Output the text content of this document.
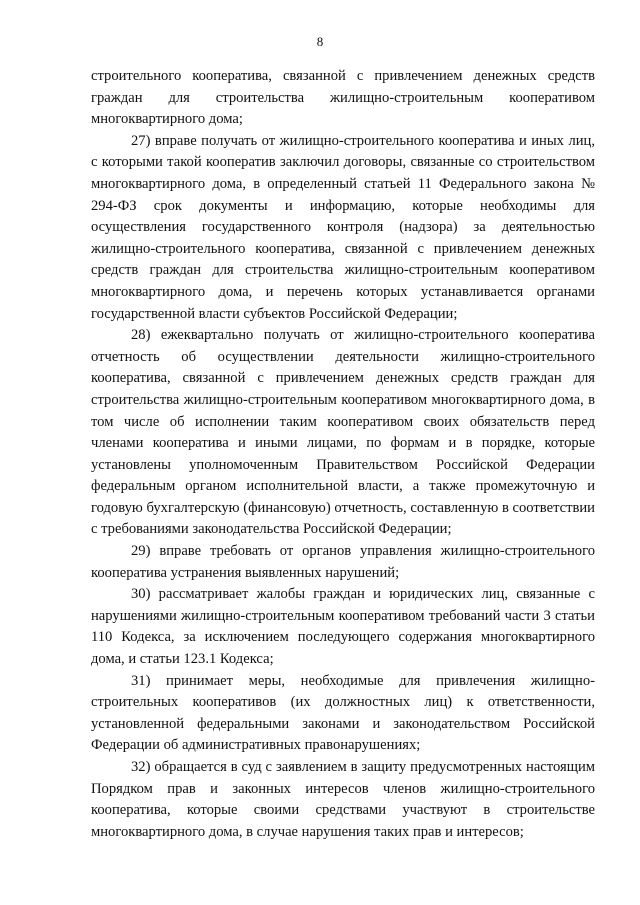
8

строительного кооператива, связанной с привлечением денежных средств граждан для строительства жилищно-строительным кооперативом многоквартирного дома;

27) вправе получать от жилищно-строительного кооператива и иных лиц, с которыми такой кооператив заключил договоры, связанные со строительством многоквартирного дома, в определенный статьей 11 Федерального закона № 294-ФЗ срок документы и информацию, которые необходимы для осуществления государственного контроля (надзора) за деятельностью жилищно-строительного кооператива, связанной с привлечением денежных средств граждан для строительства жилищно-строительным кооперативом многоквартирного дома, и перечень которых устанавливается органами государственной власти субъектов Российской Федерации;

28) ежеквартально получать от жилищно-строительного кооператива отчетность об осуществлении деятельности жилищно-строительного кооператива, связанной с привлечением денежных средств граждан для строительства жилищно-строительным кооперативом многоквартирного дома, в том числе об исполнении таким кооперативом своих обязательств перед членами кооператива и иными лицами, по формам и в порядке, которые установлены уполномоченным Правительством Российской Федерации федеральным органом исполнительной власти, а также промежуточную и годовую бухгалтерскую (финансовую) отчетность, составленную в соответствии с требованиями законодательства Российской Федерации;

29) вправе требовать от органов управления жилищно-строительного кооператива устранения выявленных нарушений;

30) рассматривает жалобы граждан и юридических лиц, связанные с нарушениями жилищно-строительным кооперативом требований части 3 статьи 110 Кодекса, за исключением последующего содержания многоквартирного дома, и статьи 123.1 Кодекса;

31) принимает меры, необходимые для привлечения жилищно-строительных кооперативов (их должностных лиц) к ответственности, установленной федеральными законами и законодательством Российской Федерации об административных правонарушениях;

32) обращается в суд с заявлением в защиту предусмотренных настоящим Порядком прав и законных интересов членов жилищно-строительного кооператива, которые своими средствами участвуют в строительстве многоквартирного дома, в случае нарушения таких прав и интересов;
